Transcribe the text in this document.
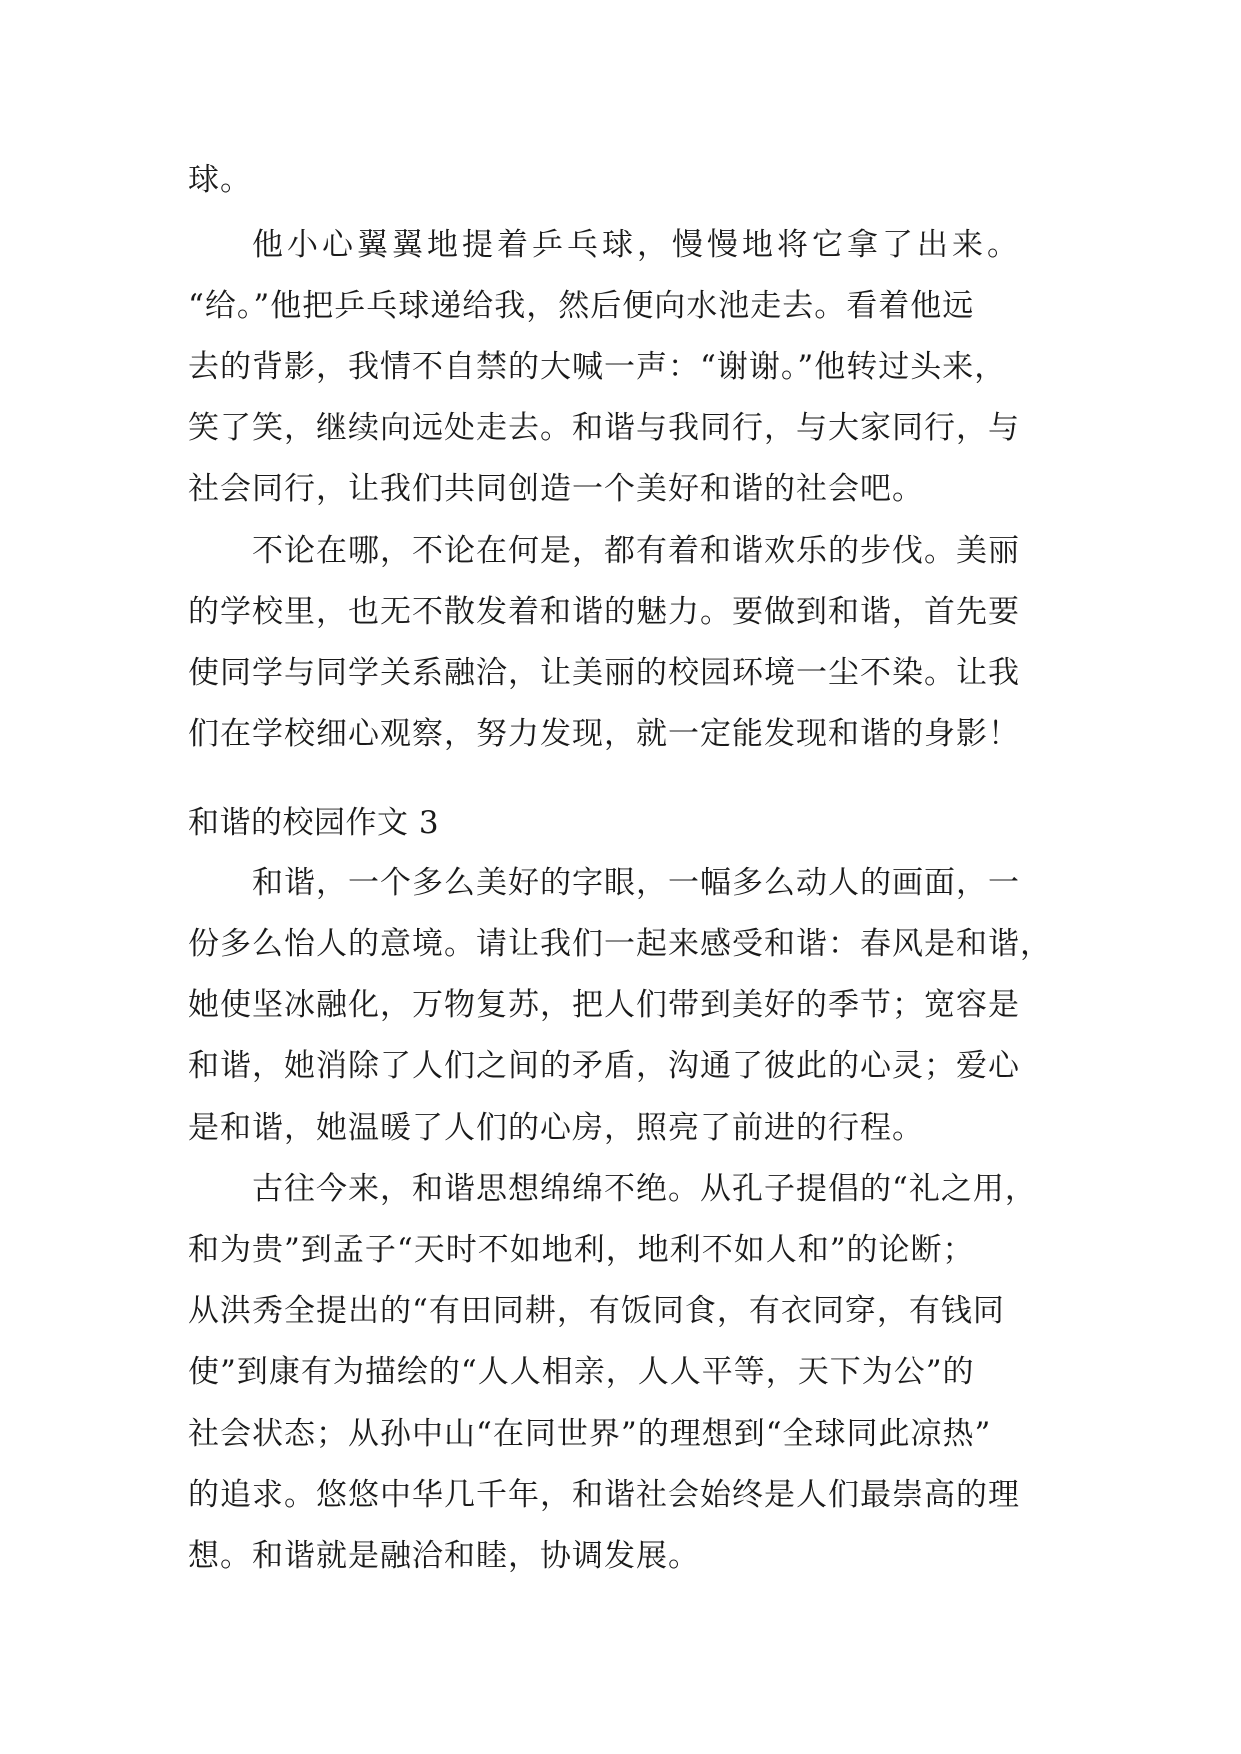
球。
他小心翼翼地提着乒乓球，慢慢地将它拿了出来。
“给。”他把乒乓球递给我，然后便向水池走去。看着他远
去的背影，我情不自禁的大喊一声：“谢谢。”他转过头来，
笑了笑，继续向远处走去。和谐与我同行，与大家同行，与
社会同行，让我们共同创造一个美好和谐的社会吧。
不论在哪，不论在何是，都有着和谐欢乐的步伐。美丽
的学校里，也无不散发着和谐的魅力。要做到和谐，首先要
使同学与同学关系融洽，让美丽的校园环境一尘不染。让我
们在学校细心观察，努力发现，就一定能发现和谐的身影！
和谐的校园作文 3
和谐，一个多么美好的字眼，一幅多么动人的画面，一
份多么怡人的意境。请让我们一起来感受和谐：春风是和谐，
她使坚冰融化，万物复苏，把人们带到美好的季节；宽容是
和谐，她消除了人们之间的矛盾，沟通了彼此的心灵；爱心
是和谐，她温暖了人们的心房，照亮了前进的行程。
古往今来，和谐思想绵绵不绝。从孔子提倡的“礼之用，
和为贵”到孟子“天时不如地利，地利不如人和”的论断；
从洪秀全提出的“有田同耕，有饭同食，有衣同穿，有钱同
使”到康有为描绘的“人人相亲，人人平等，天下为公”的
社会状态；从孙中山“在同世界”的理想到“全球同此凉热”
的追求。悠悠中华几千年，和谐社会始终是人们最崇高的理
想。和谐就是融洽和睦，协调发展。
